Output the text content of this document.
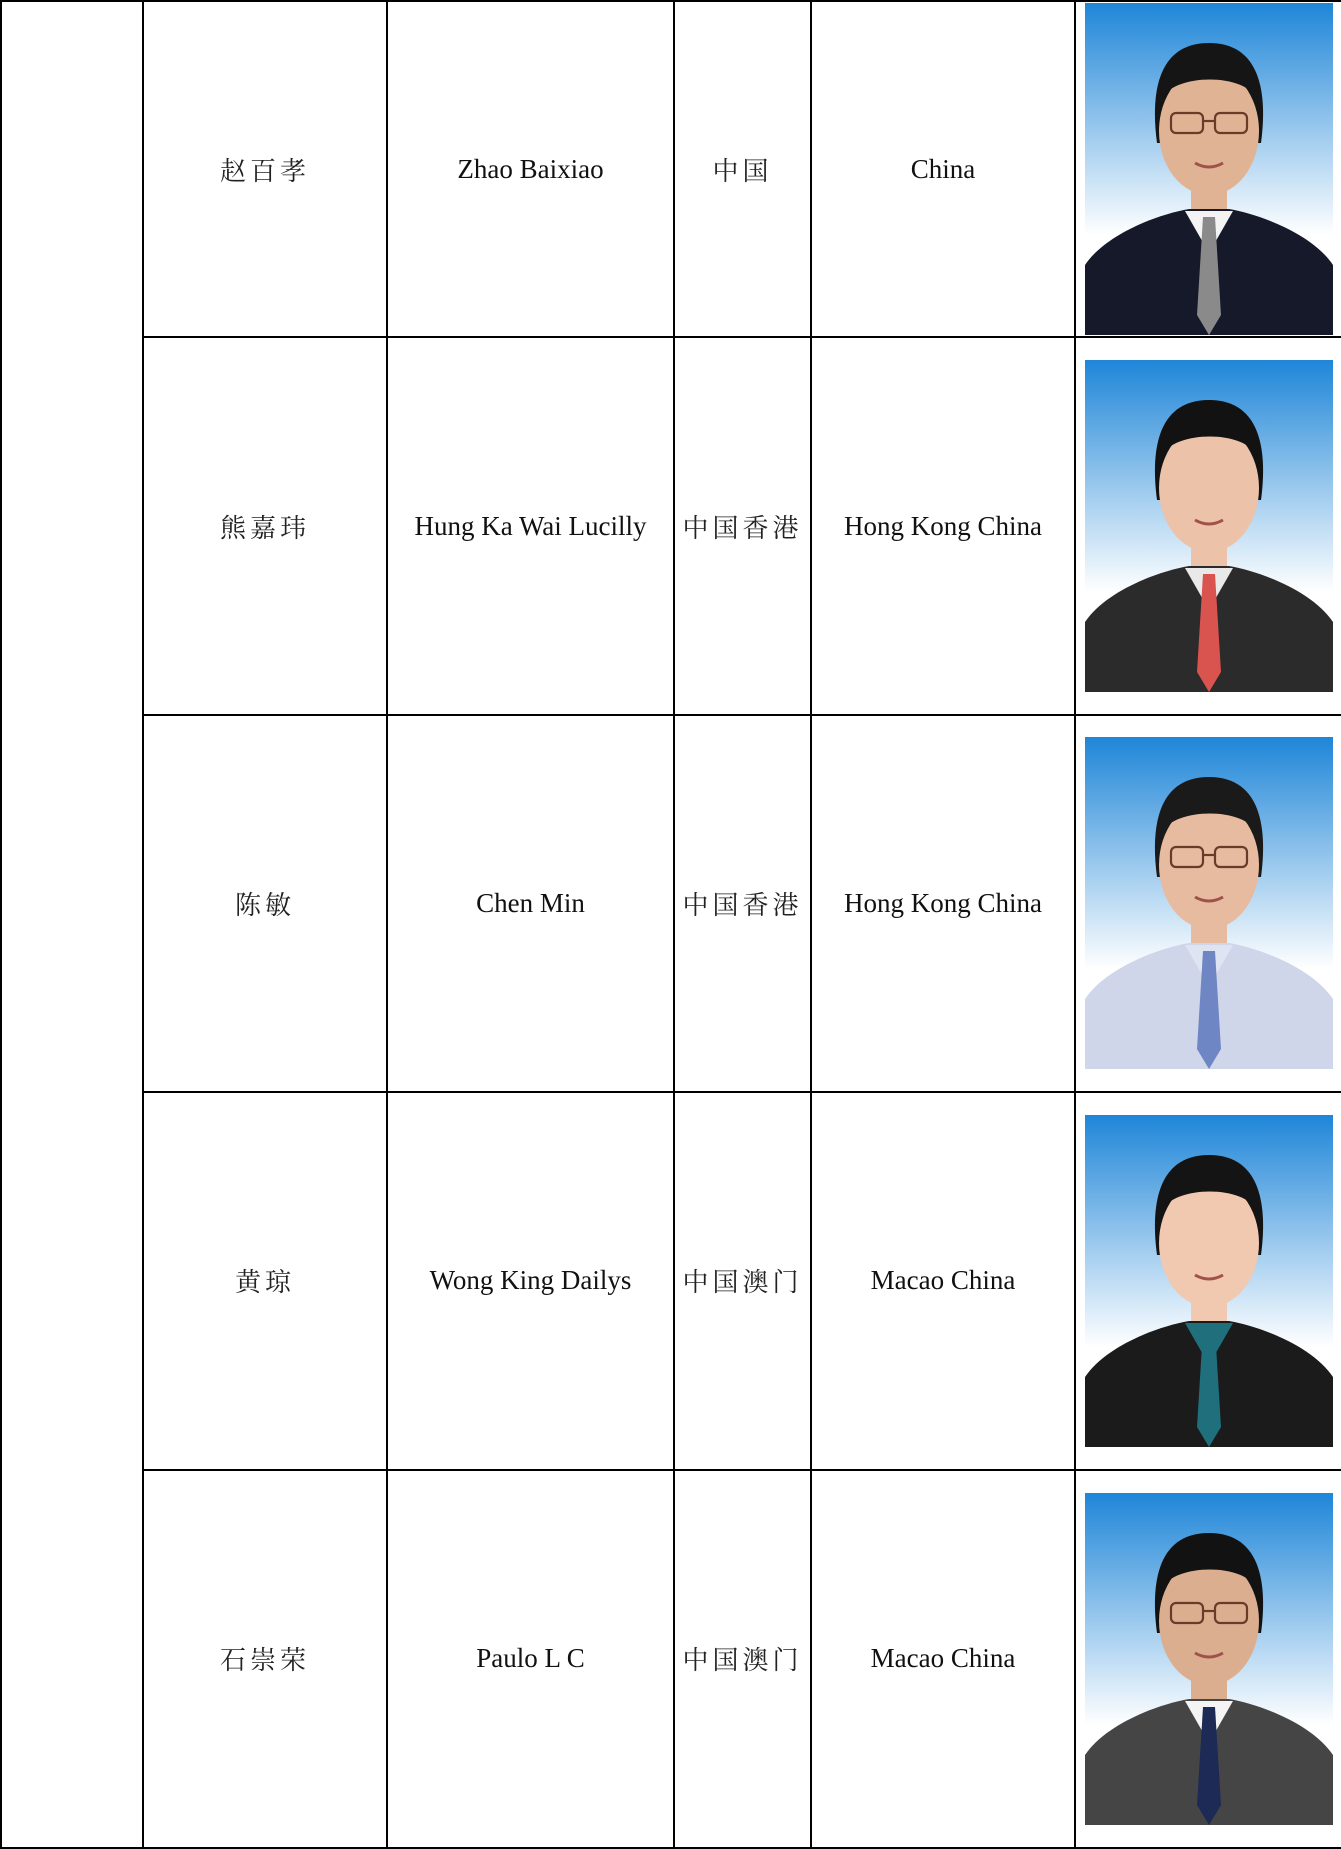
	赵百孝	Zhao Baixiao	中国	China	

	熊嘉玮	Hung Ka Wai Lucilly	中国香港	Hong Kong China	

	陈敏	Chen Min	中国香港	Hong Kong China	

	黄琼	Wong King Dailys	中国澳门	Macao China	

	石崇荣	Paulo L C	中国澳门	Macao China	
